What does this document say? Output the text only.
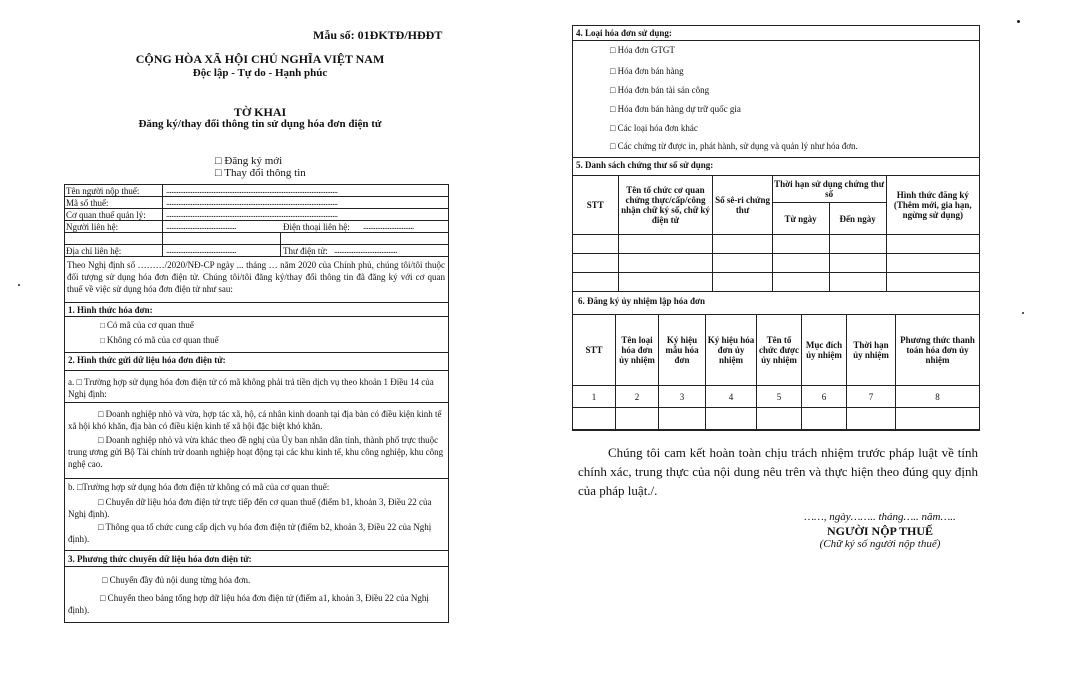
Mẫu số: 01ĐKTĐ/HĐĐT
CỘNG HÒA XÃ HỘI CHỦ NGHĨA VIỆT NAM
Độc lập - Tự do - Hạnh phúc
TỜ KHAI
Đăng ký/thay đổi thông tin sử dụng hóa đơn điện tử
□ Đăng ký mới
□ Thay đổi thông tin
Tên người nộp thuế:	..................................................................................................
Mã số thuế:	..................................................................................................
Cơ quan thuế quản lý: ..................................................................................................
Người liên hệ:	........................................	Điện thoại liên hệ: .............................
Địa chỉ liên hệ:	........................................	Thư điện tử: ....................................
Theo Nghị định số ………/2020/NĐ-CP ngày ... tháng … năm 2020 của Chính phủ, chúng tôi/tôi thuộc đối tượng sử dụng hóa đơn điện tử. Chúng tôi/tôi đăng ký/thay đổi thông tin đã đăng ký với cơ quan thuế về việc sử dụng hóa đơn điện tử như sau:
1. Hình thức hóa đơn:
□ Có mã của cơ quan thuế
□ Không có mã của cơ quan thuế
2. Hình thức gửi dữ liệu hóa đơn điện tử:
a. □ Trường hợp sử dụng hóa đơn điện tử có mã không phải trả tiền dịch vụ theo khoản 1 Điều 14 của Nghị định:
□ Doanh nghiệp nhỏ và vừa, hợp tác xã, hộ, cá nhân kinh doanh tại địa bàn có điều kiện kinh tế xã hội khó khăn, địa bàn có điều kiện kinh tế xã hội đặc biệt khó khăn.
□ Doanh nghiệp nhỏ và vừa khác theo đề nghị của Ủy ban nhân dân tỉnh, thành phố trực thuộc trung ương gửi Bộ Tài chính trừ doanh nghiệp hoạt động tại các khu kinh tế, khu công nghiệp, khu công nghệ cao.
b. □Trường hợp sử dụng hóa đơn điện tử không có mã của cơ quan thuế:
□ Chuyển dữ liệu hóa đơn điện tử trực tiếp đến cơ quan thuế (điểm b1, khoản 3, Điều 22 của Nghị định).
□ Thông qua tổ chức cung cấp dịch vụ hóa đơn điện tử (điểm b2, khoản 3, Điều 22 của Nghị định).
3. Phương thức chuyển dữ liệu hóa đơn điện tử:
□ Chuyển đầy đủ nội dung từng hóa đơn.
□ Chuyển theo bảng tổng hợp dữ liệu hóa đơn điện tử (điểm a1, khoản 3, Điều 22 của Nghị định).
4. Loại hóa đơn sử dụng:
□ Hóa đơn GTGT
□ Hóa đơn bán hàng
□ Hóa đơn bán tài sản công
□ Hóa đơn bán hàng dự trữ quốc gia
□ Các loại hóa đơn khác
□ Các chứng từ được in, phát hành, sử dụng và quản lý như hóa đơn.
5. Danh sách chứng thư số sử dụng:
STT	Tên tổ chức cơ quan chứng thực/cấp/công nhận chữ ký số, chữ ký điện tử	Số sê-ri chứng thư	Thời hạn sử dụng chứng thư số		Hình thức đăng ký (Thêm mới, gia hạn, ngừng sử dụng)
			Từ ngày	Đến ngày	

6. Đăng ký ủy nhiệm lập hóa đơn
STT	Tên loại hóa đơn ủy nhiệm	Ký hiệu mẫu hóa đơn	Ký hiệu hóa đơn ủy nhiệm	Tên tổ chức được ủy nhiệm	Mục đích ủy nhiệm	Thời hạn ủy nhiệm	Phương thức thanh toán hóa đơn ủy nhiệm
1	2	3	4	5	6	7	8

Chúng tôi cam kết hoàn toàn chịu trách nhiệm trước pháp luật về tính chính xác, trung thực của nội dung nêu trên và thực hiện theo đúng quy định của pháp luật./.
……, ngày…….. tháng….. năm…..
NGƯỜI NỘP THUẾ
(Chữ ký số người nộp thuế)
